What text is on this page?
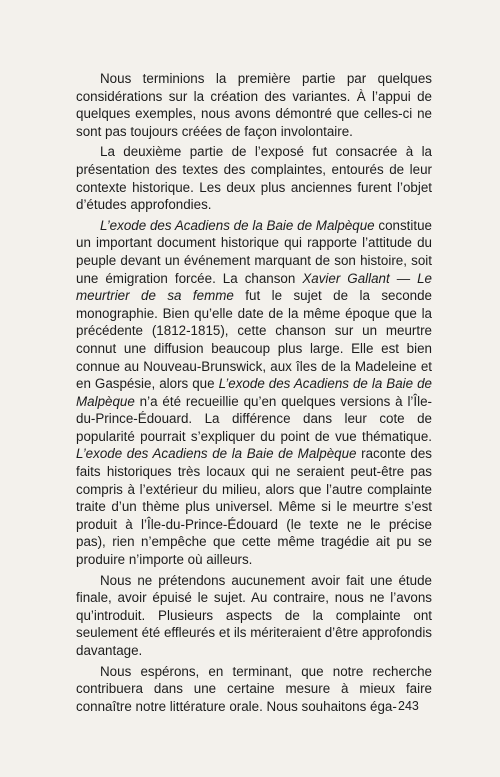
Nous terminions la première partie par quelques considérations sur la création des variantes. À l’appui de quelques exemples, nous avons démontré que celles-ci ne sont pas toujours créées de façon involontaire.

La deuxième partie de l’exposé fut consacrée à la présentation des textes des complaintes, entourés de leur contexte historique. Les deux plus anciennes furent l’objet d’études approfondies.

L’exode des Acadiens de la Baie de Malpèque constitue un important document historique qui rapporte l’attitude du peuple devant un événement marquant de son histoire, soit une émigration forcée. La chanson Xavier Gallant — Le meurtrier de sa femme fut le sujet de la seconde monographie. Bien qu’elle date de la même époque que la précédente (1812-1815), cette chanson sur un meurtre connut une diffusion beaucoup plus large. Elle est bien connue au Nouveau-Brunswick, aux îles de la Madeleine et en Gaspésie, alors que L’exode des Acadiens de la Baie de Malpèque n’a été recueillie qu’en quelques versions à l’Île-du-Prince-Édouard. La différence dans leur cote de popularité pourrait s’expliquer du point de vue thématique. L’exode des Acadiens de la Baie de Malpèque raconte des faits historiques très locaux qui ne seraient peut-être pas compris à l’extérieur du milieu, alors que l’autre complainte traite d’un thème plus universel. Même si le meurtre s’est produit à l’Île-du-Prince-Édouard (le texte ne le précise pas), rien n’empêche que cette même tragédie ait pu se produire n’importe où ailleurs.

Nous ne prétendons aucunement avoir fait une étude finale, avoir épuisé le sujet. Au contraire, nous ne l’avons qu’introduit. Plusieurs aspects de la complainte ont seulement été effleurés et ils mériteraient d’être approfondis davantage.

Nous espérons, en terminant, que notre recherche contribuera dans une certaine mesure à mieux faire connaître notre littérature orale. Nous souhaitons éga- 243
